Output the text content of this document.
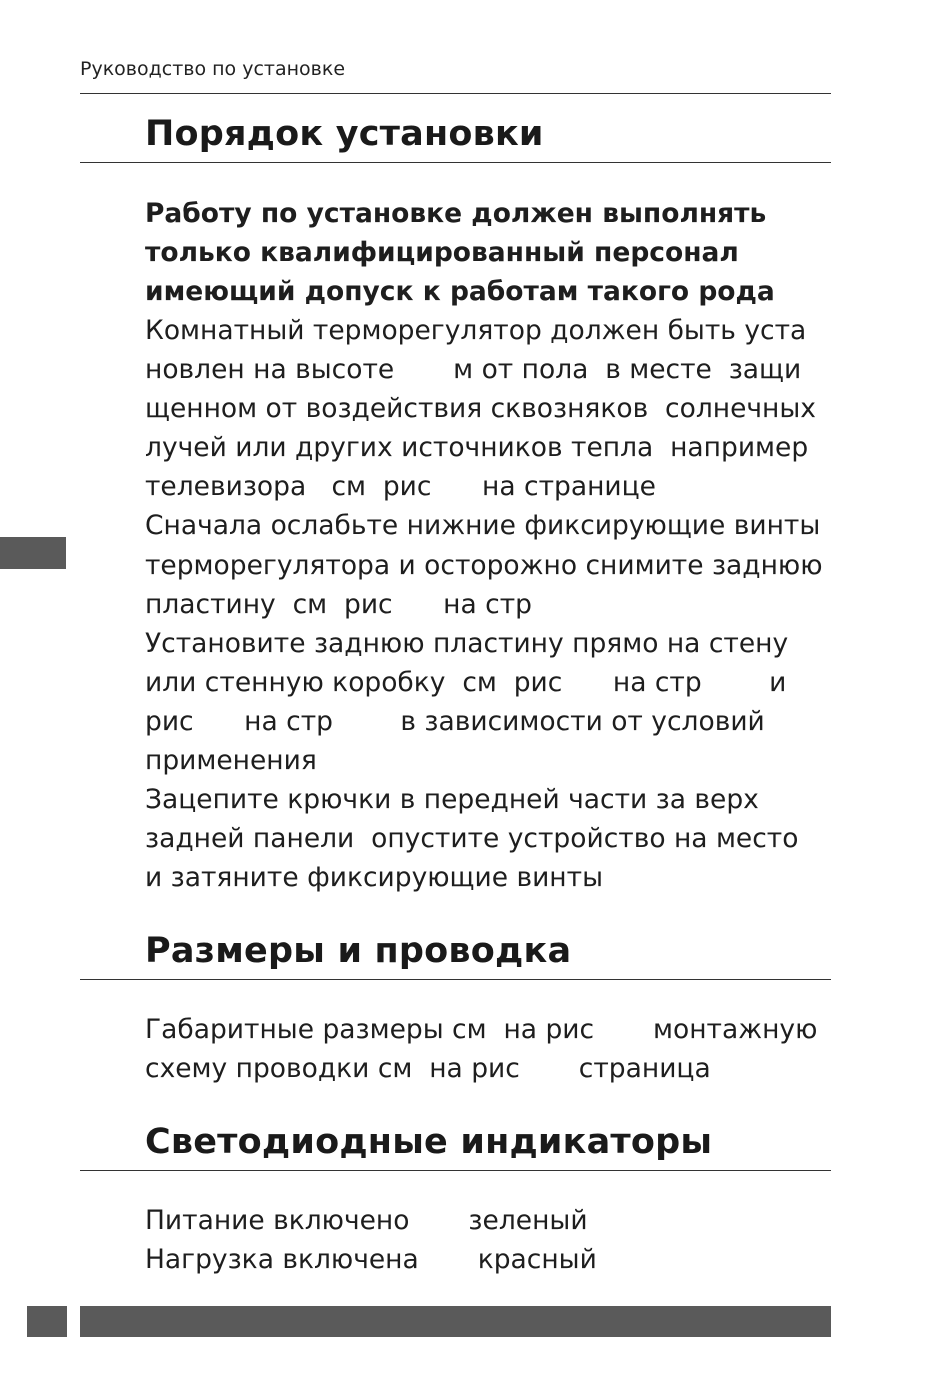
Руководство по установке
Порядок установки
Работу по установке должен выполнять
только квалифицированный персонал
имеющий допуск к работам такого рода
Комнатный терморегулятор должен быть уста
новлен на высоте       м от пола  в месте  защи
щенном от воздействия сквозняков  солнечных
лучей или других источников тепла  например
телевизора   см  рис      на странице
Сначала ослабьте нижние фиксирующие винты
терморегулятора и осторожно снимите заднюю
пластину  см  рис      на стр
Установите заднюю пластину прямо на стену
или стенную коробку  см  рис      на стр        и
рис      на стр        в зависимости от условий
применения
Зацепите крючки в передней части за верх
задней панели  опустите устройство на место
и затяните фиксирующие винты
Размеры и проводка
Габаритные размеры см  на рис       монтажную
схему проводки см  на рис       страница
Светодиодные индикаторы
Питание включено       зеленый
Нагрузка включена       красный
